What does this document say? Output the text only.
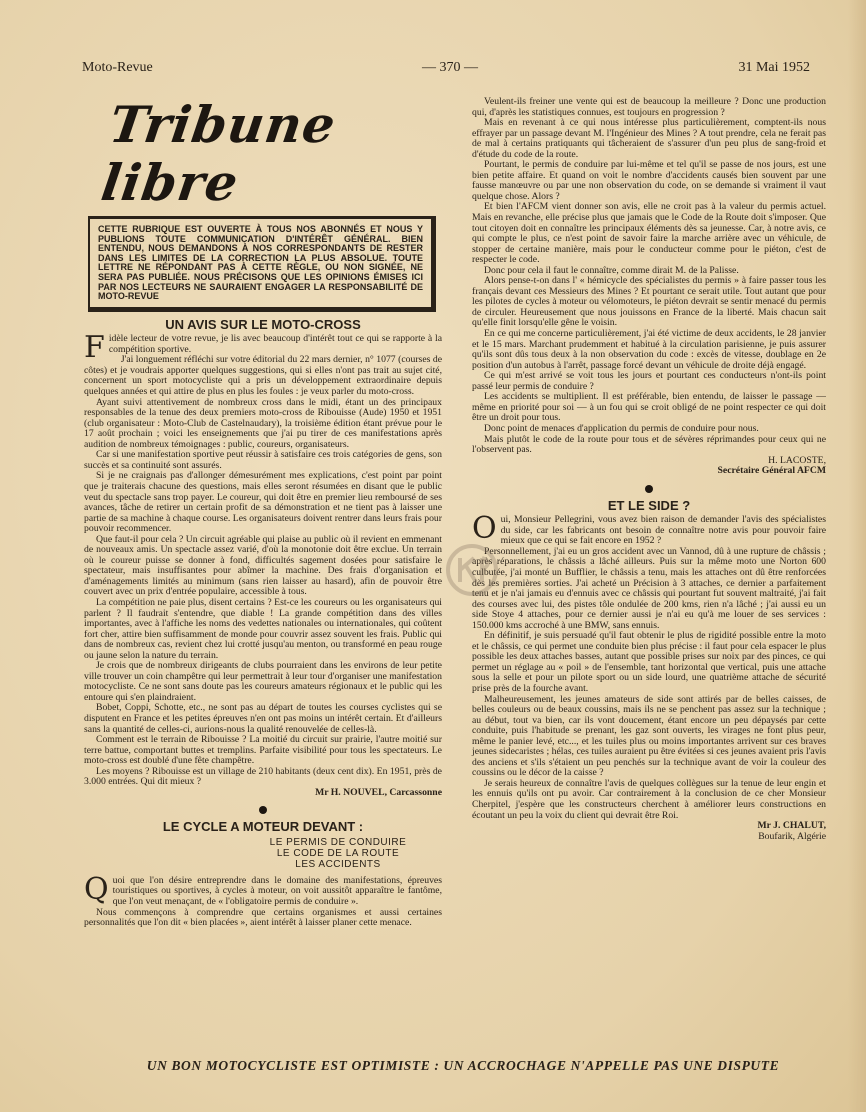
Moto-Revue	— 370 —	31 Mai 1952
Tribune libre
CETTE RUBRIQUE EST OUVERTE À TOUS NOS ABONNÉS ET NOUS Y PUBLIONS TOUTE COMMUNICATION D'INTÉRÊT GÉNÉRAL. BIEN ENTENDU, NOUS DEMANDONS À NOS CORRESPONDANTS DE RESTER DANS LES LIMITES DE LA CORRECTION LA PLUS ABSOLUE. TOUTE LETTRE NE RÉPONDANT PAS À CETTE RÈGLE, OU NON SIGNÉE, NE SERA PAS PUBLIÉE. NOUS PRÉCISONS QUE LES OPINIONS ÉMISES ICI PAR NOS LECTEURS NE SAURAIENT ENGAGER LA RESPONSABILITÉ DE MOTO-REVUE
UN AVIS SUR LE MOTO-CROSS

Fidèle lecteur de votre revue, je lis avec beaucoup d'intérêt tout ce qui se rapporte à la compétition sportive.

J'ai longuement réfléchi sur votre éditorial du 22 mars dernier, n° 1077 (courses de côtes) et je voudrais apporter quelques suggestions, qui si elles n'ont pas trait au sujet cité, concernent un sport motocycliste qui a pris un développement extraordinaire depuis quelques années et qui attire de plus en plus les foules : je veux parler du moto-cross.

Ayant suivi attentivement de nombreux cross dans le midi, étant un des principaux responsables de la tenue des deux premiers moto-cross de Ribouisse (Aude) 1950 et 1951 (club organisateur : Moto-Club de Castelnaudary), la troisième édition étant prévue pour le 17 août prochain ; voici les enseignements que j'ai pu tirer de ces manifestations après audition de nombreux témoignages : public, coureurs, organisateurs.

Car si une manifestation sportive peut réussir à satisfaire ces trois catégories de gens, son succès et sa continuité sont assurés.

Si je ne craignais pas d'allonger démesurément mes explications, c'est point par point que je traiterais chacune des questions, mais elles seront résumées en disant que le public veut du spectacle sans trop payer. Le coureur, qui doit être en premier lieu remboursé de ses avances, tâche de retirer un certain profit de sa démonstration et ne tient pas à laisser une partie de sa machine à chaque course. Les organisateurs doivent rentrer dans leurs frais pour pouvoir recommencer.

Que faut-il pour cela ? Un circuit agréable qui plaise au public où il revient en emmenant de nouveaux amis. Un spectacle assez varié, d'où la monotonie doit être exclue. Un terrain où le coureur puisse se donner à fond, difficultés sagement dosées pour satisfaire le spectateur, mais insuffisantes pour abîmer la machine. Des frais d'organisation et d'aménagements limités au minimum (sans rien laisser au hasard), afin de pouvoir être couvert avec un prix d'entrée populaire, accessible à tous.

La compétition ne paie plus, disent certains ? Est-ce les coureurs ou les organisateurs qui parlent ? Il faudrait s'entendre, que diable ! La grande compétition dans des villes importantes, avec à l'affiche les noms des vedettes nationales ou internationales, qui coûtent fort cher, attire bien suffisamment de monde pour couvrir assez souvent les frais. Public qui dans de nombreux cas, revient chez lui crotté jusqu'au menton, ou transformé en peau rouge ou jaune selon la nature du terrain.

Je crois que de nombreux dirigeants de clubs pourraient dans les environs de leur petite ville trouver un coin champêtre qui leur permettrait à leur tour d'organiser une manifestation motocycliste. Ce ne sont sans doute pas les coureurs amateurs régionaux et le public qui les entoure qui s'en plaindraient.

Bobet, Coppi, Schotte, etc., ne sont pas au départ de toutes les courses cyclistes qui se disputent en France et les petites épreuves n'en ont pas moins un intérêt certain. Et d'ailleurs sans la quantité de celles-ci, aurions-nous la qualité renouvelée de celles-là.

Comment est le terrain de Ribouisse ? La moitié du circuit sur prairie, l'autre moitié sur terre battue, comportant buttes et tremplins. Parfaite visibilité pour tous les spectateurs. Le moto-cross est doublé d'une fête champêtre.

Les moyens ? Ribouisse est un village de 210 habitants (deux cent dix). En 1951, près de 3.000 entrées. Qui dit mieux ?

Mr H. NOUVEL, Carcassonne
LE CYCLE A MOTEUR DEVANT :
LE PERMIS DE CONDUIRE
LE CODE DE LA ROUTE
LES ACCIDENTS

Quoi que l'on désire entreprendre dans le domaine des manifestations, épreuves touristiques ou sportives, à cycles à moteur, on voit aussitôt apparaître le fantôme, que l'on veut menaçant, de « l'obligatoire permis de conduire ».

Nous commençons à comprendre que certains organismes et aussi certaines personnalités que l'on dit « bien placées », aient intérêt à laisser planer cette menace.

Veulent-ils freiner une vente qui est de beaucoup la meilleure ? Donc une production qui, d'après les statistiques connues, est toujours en progression ?

Mais en revenant à ce qui nous intéresse plus particulièrement, comptent-ils nous effrayer par un passage devant M. l'Ingénieur des Mines ? A tout prendre, cela ne ferait pas de mal à certains pratiquants qui tâcheraient de s'assurer d'un peu plus de sang-froid et d'étude du code de la route.

Pourtant, le permis de conduire par lui-même et tel qu'il se passe de nos jours, est une bien petite affaire. Et quand on voit le nombre d'accidents causés bien souvent par une fausse manœuvre ou par une non observation du code, on se demande si vraiment il vaut quelque chose. Alors ?

Et bien l'AFCM vient donner son avis, elle ne croit pas à la valeur du permis actuel. Mais en revanche, elle précise plus que jamais que le Code de la Route doit s'imposer. Que tout citoyen doit en connaître les principaux éléments dès sa jeunesse. Car, à notre avis, ce qui compte le plus, ce n'est point de savoir faire la marche arrière avec un véhicule, de stopper de certaine manière, mais pour le conducteur comme pour le piéton, c'est de respecter le code.

Donc pour cela il faut le connaître, comme dirait M. de la Palisse.

Alors pense-t-on dans l' « hémicycle des spécialistes du permis » à faire passer tous les français devant ces Messieurs des Mines ? Et pourtant ce serait utile. Tout autant que pour les pilotes de cycles à moteur ou vélomoteurs, le piéton devrait se sentir menacé du permis de circuler. Heureusement que nous jouissons en France de la liberté. Mais chacun sait qu'elle finit lorsqu'elle gêne le voisin.

En ce qui me concerne particulièrement, j'ai été victime de deux accidents, le 28 janvier et le 15 mars. Marchant prudemment et habitué à la circulation parisienne, je puis assurer qu'ils sont dûs tous deux à la non observation du code : excès de vitesse, doublage en 2e position d'un autobus à l'arrêt, passage forcé devant un véhicule de droite déjà engagé.

Ce qui m'est arrivé se voit tous les jours et pourtant ces conducteurs n'ont-ils point passé leur permis de conduire ?

Les accidents se multiplient. Il est préférable, bien entendu, de laisser le passage — même en priorité pour soi — à un fou qui se croit obligé de ne point respecter ce qui doit être un droit pour tous.

Donc point de menaces d'application du permis de conduire pour nous.

Mais plutôt le code de la route pour tous et de sévères réprimandes pour ceux qui ne l'observent pas.

H. LACOSTE,
Secrétaire Général AFCM
ET LE SIDE ?

Oui, Monsieur Pellegrini, vous avez bien raison de demander l'avis des spécialistes du side, car les fabricants ont besoin de connaître notre avis pour pouvoir faire mieux que ce qui se fait encore en 1952 ?

Personnellement, j'ai eu un gros accident avec un Vannod, dû à une rupture de châssis ; après réparations, le châssis a lâché ailleurs. Puis sur la même moto une Norton 600 culbutée, j'ai monté un Bufflier, le châssis a tenu, mais les attaches ont dû être renforcées dès les premières sorties. J'ai acheté un Précision à 3 attaches, ce dernier a parfaitement tenu et je n'ai jamais eu d'ennuis avec ce châssis qui pourtant fut souvent maltraité, j'ai fait des courses avec lui, des pistes tôle ondulée de 200 kms, rien n'a lâché ; j'ai aussi eu un side Stoye 4 attaches, pour ce dernier aussi je n'ai eu qu'à me louer de ses services : 150.000 kms accroché à une BMW, sans ennuis.

En définitif, je suis persuadé qu'il faut obtenir le plus de rigidité possible entre la moto et le châssis, ce qui permet une conduite bien plus précise : il faut pour cela espacer le plus possible les deux attaches basses, autant que possible prises sur noix par des pinces, ce qui permet un réglage au « poil » de l'ensemble, tant horizontal que vertical, puis une attache sous la selle et pour un pilote sport ou un side lourd, une quatrième attache de sécurité prise près de la fourche avant.

Malheureusement, les jeunes amateurs de side sont attirés par de belles caisses, de belles couleurs ou de beaux coussins, mais ils ne se penchent pas assez sur la technique ; au début, tout va bien, car ils vont doucement, étant encore un peu dépaysés par cette conduite, puis l'habitude se prenant, les gaz sont ouverts, les virages ne font plus peur, même le panier levé, etc..., et les tuiles plus ou moins importantes arrivent sur ces braves jeunes sidecaristes ; hélas, ces tuiles auraient pu être évitées si ces jeunes avaient pris l'avis des anciens et s'ils s'étaient un peu penchés sur la technique avant de voir la couleur des coussins ou le décor de la caisse ?

Je serais heureux de connaître l'avis de quelques collègues sur la tenue de leur engin et les ennuis qu'ils ont pu avoir. Car contrairement à la conclusion de ce cher Monsieur Cherpitel, j'espère que les constructeurs cherchent à améliorer leurs constructions en écoutant un peu la voix du client qui devrait être Roi.

Mr J. CHALUT,
Boufarik, Algérie
UN BON MOTOCYCLISTE EST OPTIMISTE : UN ACCROCHAGE N'APPELLE PAS UNE DISPUTE
